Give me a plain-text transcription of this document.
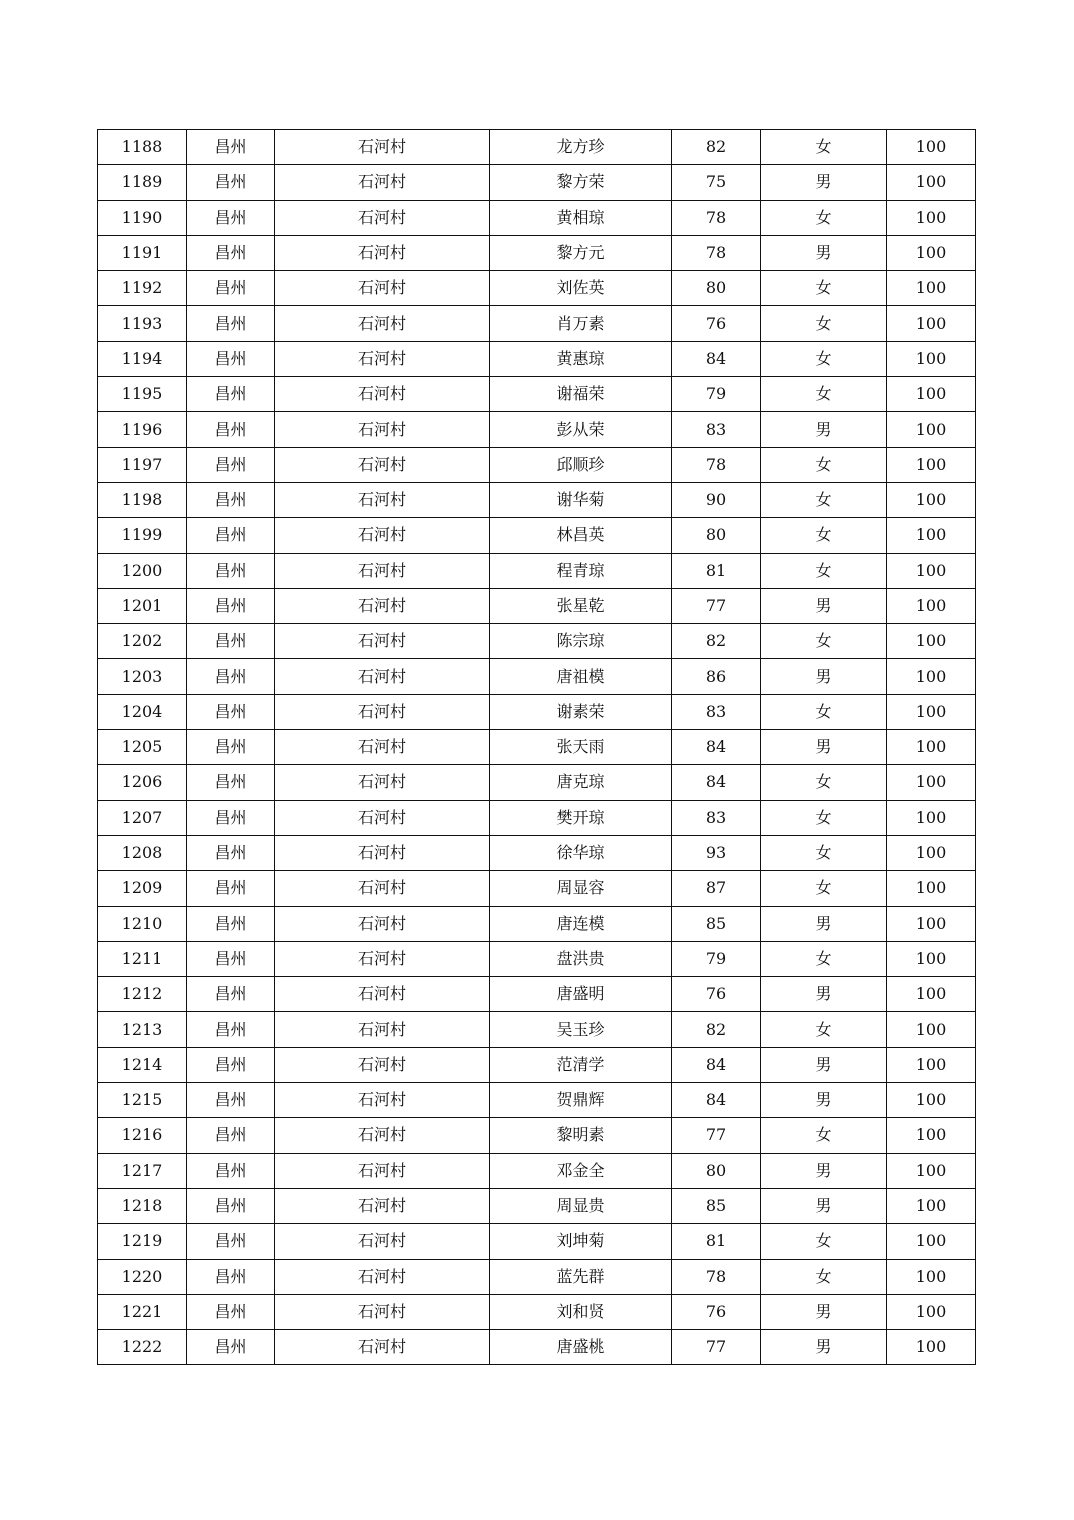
1188	昌州	石河村	龙方珍	82	女	100
1189	昌州	石河村	黎方荣	75	男	100
1190	昌州	石河村	黄相琼	78	女	100
1191	昌州	石河村	黎方元	78	男	100
1192	昌州	石河村	刘佐英	80	女	100
1193	昌州	石河村	肖万素	76	女	100
1194	昌州	石河村	黄惠琼	84	女	100
1195	昌州	石河村	谢福荣	79	女	100
1196	昌州	石河村	彭从荣	83	男	100
1197	昌州	石河村	邱顺珍	78	女	100
1198	昌州	石河村	谢华菊	90	女	100
1199	昌州	石河村	林昌英	80	女	100
1200	昌州	石河村	程青琼	81	女	100
1201	昌州	石河村	张星乾	77	男	100
1202	昌州	石河村	陈宗琼	82	女	100
1203	昌州	石河村	唐祖模	86	男	100
1204	昌州	石河村	谢素荣	83	女	100
1205	昌州	石河村	张天雨	84	男	100
1206	昌州	石河村	唐克琼	84	女	100
1207	昌州	石河村	樊开琼	83	女	100
1208	昌州	石河村	徐华琼	93	女	100
1209	昌州	石河村	周显容	87	女	100
1210	昌州	石河村	唐连模	85	男	100
1211	昌州	石河村	盘洪贵	79	女	100
1212	昌州	石河村	唐盛明	76	男	100
1213	昌州	石河村	吴玉珍	82	女	100
1214	昌州	石河村	范清学	84	男	100
1215	昌州	石河村	贺鼎辉	84	男	100
1216	昌州	石河村	黎明素	77	女	100
1217	昌州	石河村	邓金全	80	男	100
1218	昌州	石河村	周显贵	85	男	100
1219	昌州	石河村	刘坤菊	81	女	100
1220	昌州	石河村	蓝先群	78	女	100
1221	昌州	石河村	刘和贤	76	男	100
1222	昌州	石河村	唐盛桃	77	男	100
